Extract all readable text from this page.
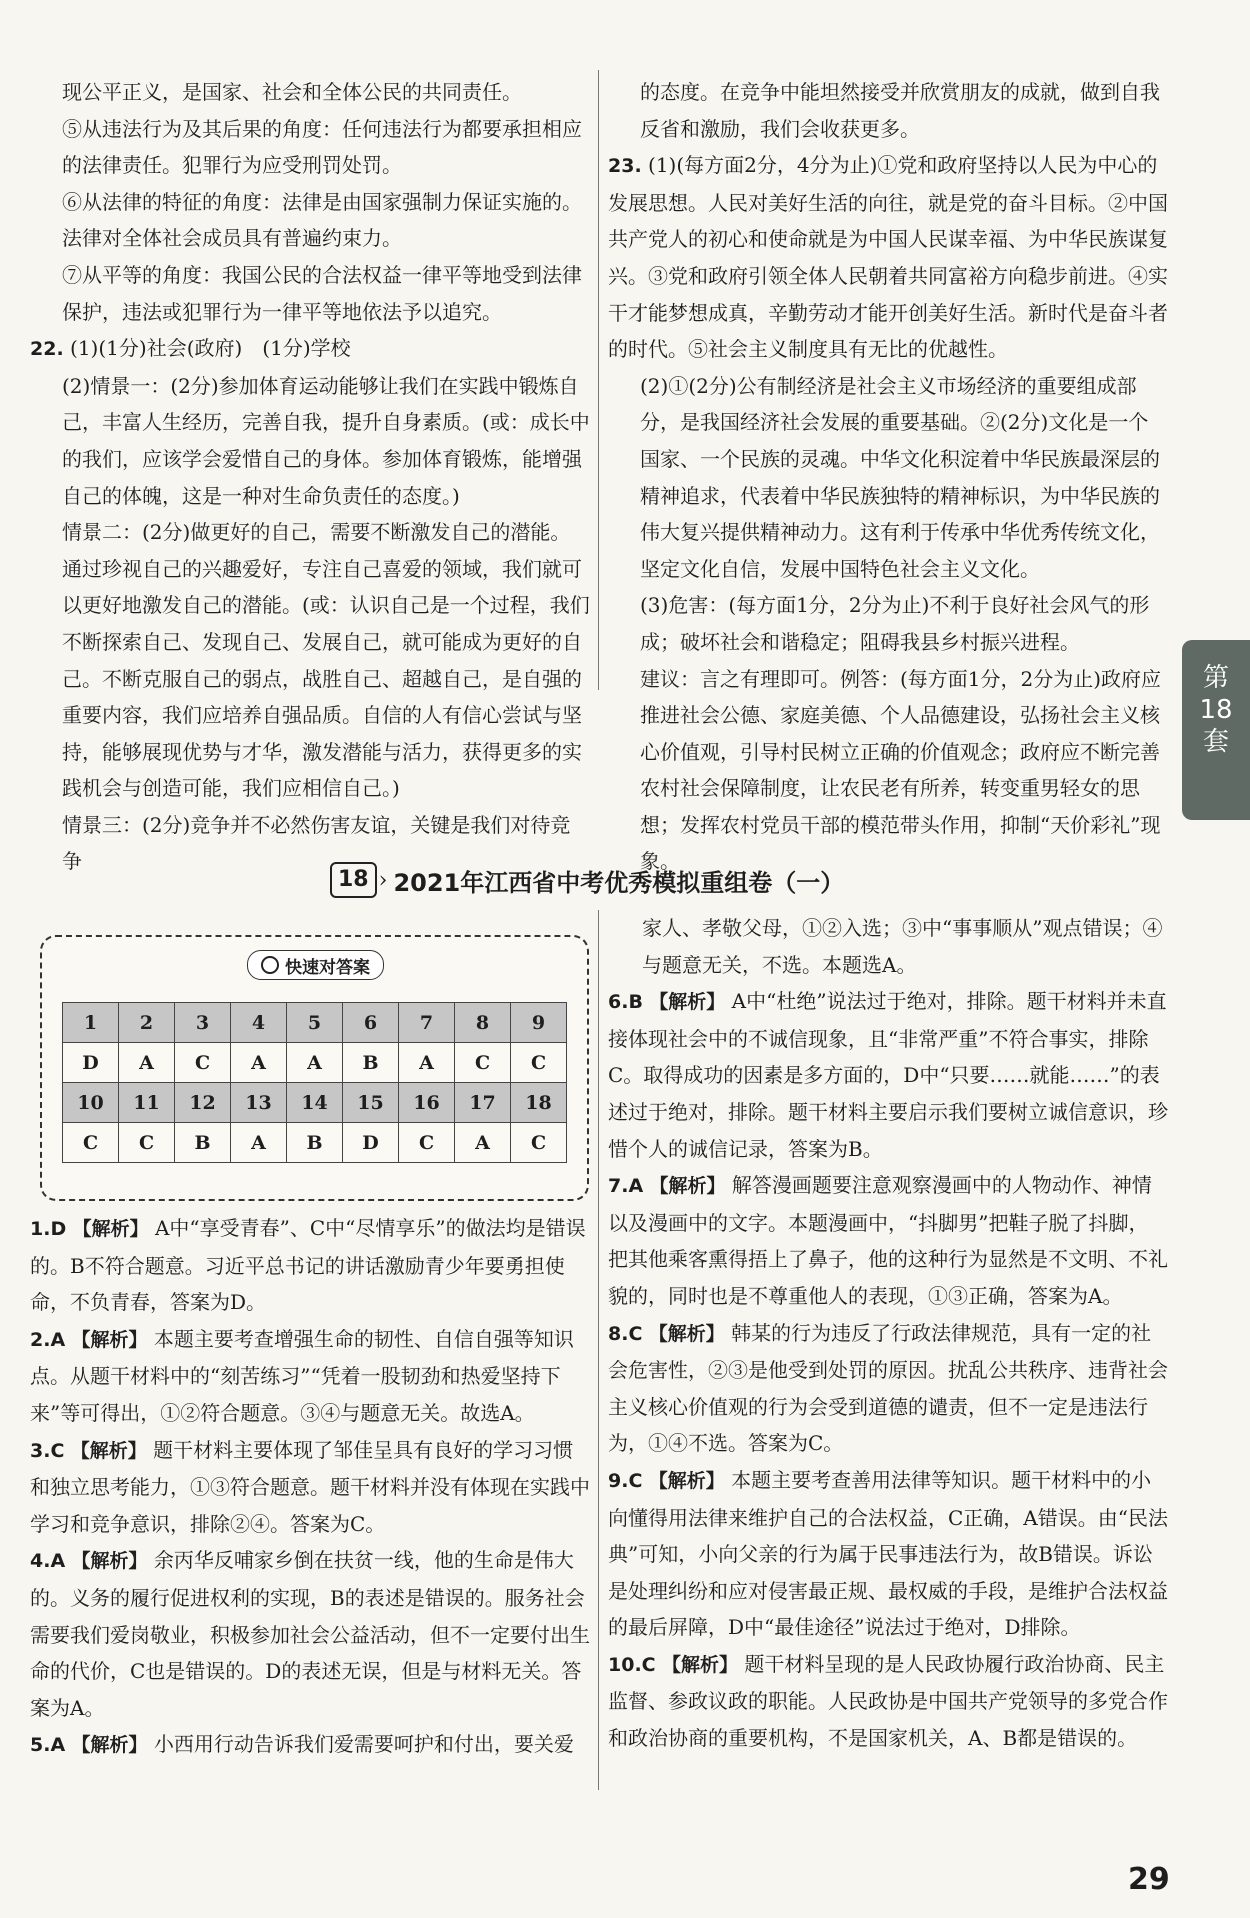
现公平正义，是国家、社会和全体公民的共同责任。

⑤从违法行为及其后果的角度：任何违法行为都要承担相应的法律责任。犯罪行为应受刑罚处罚。

⑥从法律的特征的角度：法律是由国家强制力保证实施的。法律对全体社会成员具有普遍约束力。

⑦从平等的角度：我国公民的合法权益一律平等地受到法律保护，违法或犯罪行为一律平等地依法予以追究。

22. (1)(1分)社会(政府)　(1分)学校

(2)情景一：(2分)参加体育运动能够让我们在实践中锻炼自己，丰富人生经历，完善自我，提升自身素质。(或：成长中的我们，应该学会爱惜自己的身体。参加体育锻炼，能增强自己的体魄，这是一种对生命负责任的态度。)

情景二：(2分)做更好的自己，需要不断激发自己的潜能。通过珍视自己的兴趣爱好，专注自己喜爱的领域，我们就可以更好地激发自己的潜能。(或：认识自己是一个过程，我们不断探索自己、发现自己、发展自己，就可能成为更好的自己。不断克服自己的弱点，战胜自己、超越自己，是自强的重要内容，我们应培养自强品质。自信的人有信心尝试与坚持，能够展现优势与才华，激发潜能与活力，获得更多的实践机会与创造可能，我们应相信自己。)

情景三：(2分)竞争并不必然伤害友谊，关键是我们对待竞争

的态度。在竞争中能坦然接受并欣赏朋友的成就，做到自我反省和激励，我们会收获更多。

23. (1)(每方面2分，4分为止)①党和政府坚持以人民为中心的发展思想。人民对美好生活的向往，就是党的奋斗目标。②中国共产党人的初心和使命就是为中国人民谋幸福、为中华民族谋复兴。③党和政府引领全体人民朝着共同富裕方向稳步前进。④实干才能梦想成真，辛勤劳动才能开创美好生活。新时代是奋斗者的时代。⑤社会主义制度具有无比的优越性。

(2)①(2分)公有制经济是社会主义市场经济的重要组成部分，是我国经济社会发展的重要基础。②(2分)文化是一个国家、一个民族的灵魂。中华文化积淀着中华民族最深层的精神追求，代表着中华民族独特的精神标识，为中华民族的伟大复兴提供精神动力。这有利于传承中华优秀传统文化，坚定文化自信，发展中国特色社会主义文化。

(3)危害：(每方面1分，2分为止)不利于良好社会风气的形成；破坏社会和谐稳定；阻碍我县乡村振兴进程。

建议：言之有理即可。例答：(每方面1分，2分为止)政府应推进社会公德、家庭美德、个人品德建设，弘扬社会主义核心价值观，引导村民树立正确的价值观念；政府应不断完善农村社会保障制度，让农民老有所养，转变重男轻女的思想；发挥农村党员干部的模范带头作用，抑制“天价彩礼”现象。

第
18
套
18 › 2021年江西省中考优秀模拟重组卷（一）
快速对答案
1	2	3	4	5	6	7	8	9
D	A	C	A	A	B	A	C	C
10	11	12	13	14	15	16	17	18
C	C	B	A	B	D	C	A	C

1.D 【解析】 A中“享受青春”、C中“尽情享乐”的做法均是错误的。B不符合题意。习近平总书记的讲话激励青少年要勇担使命，不负青春，答案为D。

2.A 【解析】 本题主要考查增强生命的韧性、自信自强等知识点。从题干材料中的“刻苦练习”“凭着一股韧劲和热爱坚持下来”等可得出，①②符合题意。③④与题意无关。故选A。

3.C 【解析】 题干材料主要体现了邹佳呈具有良好的学习习惯和独立思考能力，①③符合题意。题干材料并没有体现在实践中学习和竞争意识，排除②④。答案为C。

4.A 【解析】 余丙华反哺家乡倒在扶贫一线，他的生命是伟大的。义务的履行促进权利的实现，B的表述是错误的。服务社会需要我们爱岗敬业，积极参加社会公益活动，但不一定要付出生命的代价，C也是错误的。D的表述无误，但是与材料无关。答案为A。

5.A 【解析】 小西用行动告诉我们爱需要呵护和付出，要关爱

家人、孝敬父母，①②入选；③中“事事顺从”观点错误；④与题意无关，不选。本题选A。

6.B 【解析】 A中“杜绝”说法过于绝对，排除。题干材料并未直接体现社会中的不诚信现象，且“非常严重”不符合事实，排除C。取得成功的因素是多方面的，D中“只要……就能……”的表述过于绝对，排除。题干材料主要启示我们要树立诚信意识，珍惜个人的诚信记录，答案为B。

7.A 【解析】 解答漫画题要注意观察漫画中的人物动作、神情以及漫画中的文字。本题漫画中，“抖脚男”把鞋子脱了抖脚，把其他乘客熏得捂上了鼻子，他的这种行为显然是不文明、不礼貌的，同时也是不尊重他人的表现，①③正确，答案为A。

8.C 【解析】 韩某的行为违反了行政法律规范，具有一定的社会危害性，②③是他受到处罚的原因。扰乱公共秩序、违背社会主义核心价值观的行为会受到道德的谴责，但不一定是违法行为，①④不选。答案为C。

9.C 【解析】 本题主要考查善用法律等知识。题干材料中的小向懂得用法律来维护自己的合法权益，C正确，A错误。由“民法典”可知，小向父亲的行为属于民事违法行为，故B错误。诉讼是处理纠纷和应对侵害最正规、最权威的手段，是维护合法权益的最后屏障，D中“最佳途径”说法过于绝对，D排除。

10.C 【解析】 题干材料呈现的是人民政协履行政治协商、民主监督、参政议政的职能。人民政协是中国共产党领导的多党合作和政治协商的重要机构，不是国家机关，A、B都是错误的。

29
